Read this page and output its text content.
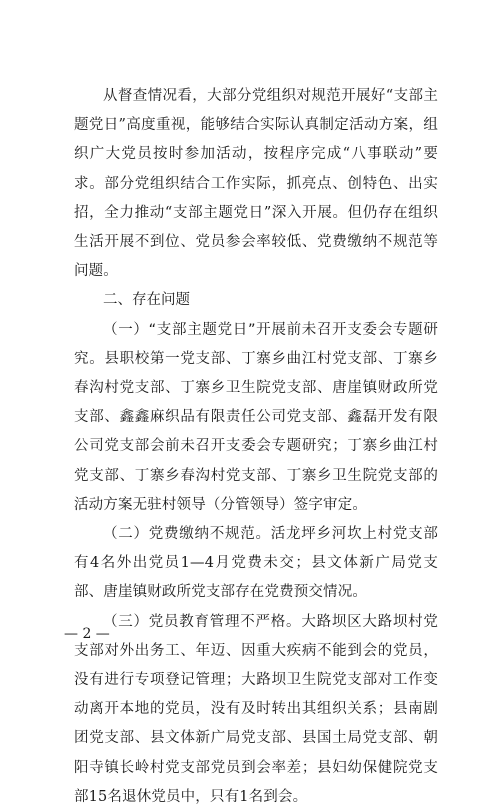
从督查情况看，大部分党组织对规范开展好“支部主题党日”高度重视，能够结合实际认真制定活动方案，组织广大党员按时参加活动，按程序完成“八事联动”要求。部分党组织结合工作实际，抓亮点、创特色、出实招，全力推动“支部主题党日”深入开展。但仍存在组织生活开展不到位、党员参会率较低、党费缴纳不规范等问题。

二、存在问题

（一）“支部主题党日”开展前未召开支委会专题研究。县职校第一党支部、丁寨乡曲江村党支部、丁寨乡春沟村党支部、丁寨乡卫生院党支部、唐崖镇财政所党支部、鑫鑫麻织品有限责任公司党支部、鑫磊开发有限公司党支部会前未召开支委会专题研究；丁寨乡曲江村党支部、丁寨乡春沟村党支部、丁寨乡卫生院党支部的活动方案无驻村领导（分管领导）签字审定。

（二）党费缴纳不规范。活龙坪乡河坎上村党支部有4名外出党员1—4月党费未交；县文体新广局党支部、唐崖镇财政所党支部存在党费预交情况。

（三）党员教育管理不严格。大路坝区大路坝村党支部对外出务工、年迈、因重大疾病不能到会的党员，没有进行专项登记管理；大路坝卫生院党支部对工作变动离开本地的党员，没有及时转出其组织关系；县南剧团党支部、县文体新广局党支部、县国土局党支部、朝阳寺镇长岭村党支部党员到会率差；县妇幼保健院党支部15名退休党员中，只有1名到会。

— 2 —
